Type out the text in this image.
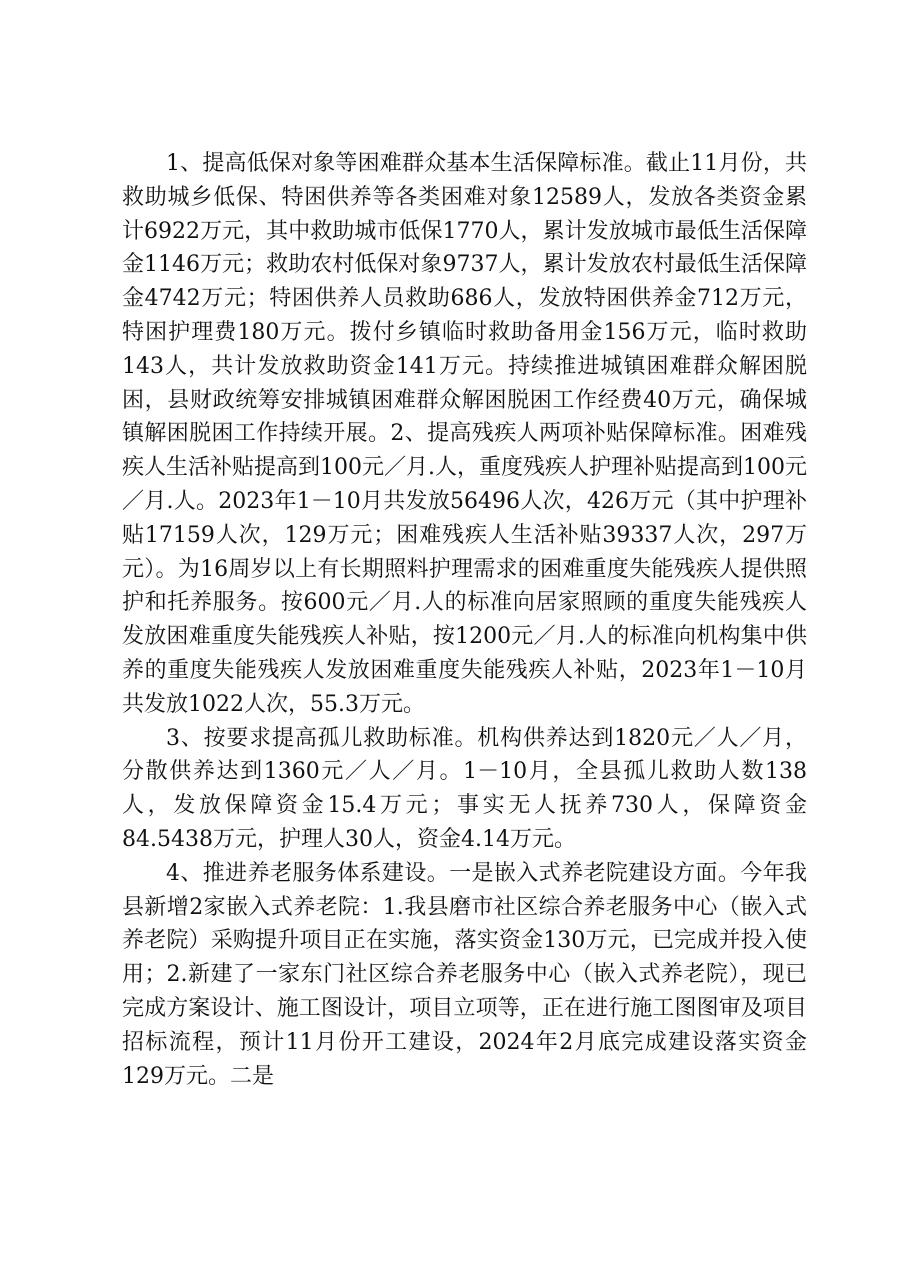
1、提高低保对象等困难群众基本生活保障标准。截止11月份，共救助城乡低保、特困供养等各类困难对象12589人，发放各类资金累计6922万元，其中救助城市低保1770人，累计发放城市最低生活保障金1146万元；救助农村低保对象9737人，累计发放农村最低生活保障金4742万元；特困供养人员救助686人，发放特困供养金712万元，特困护理费180万元。拨付乡镇临时救助备用金156万元，临时救助143人，共计发放救助资金141万元。持续推进城镇困难群众解困脱困，县财政统筹安排城镇困难群众解困脱困工作经费40万元，确保城镇解困脱困工作持续开展。2、提高残疾人两项补贴保障标准。困难残疾人生活补贴提高到100元／月.人，重度残疾人护理补贴提高到100元／月.人。2023年1－10月共发放56496人次，426万元（其中护理补贴17159人次，129万元；困难残疾人生活补贴39337人次，297万元）。为16周岁以上有长期照料护理需求的困难重度失能残疾人提供照护和托养服务。按600元／月.人的标准向居家照顾的重度失能残疾人发放困难重度失能残疾人补贴，按1200元／月.人的标准向机构集中供养的重度失能残疾人发放困难重度失能残疾人补贴，2023年1－10月共发放1022人次，55.3万元。

3、按要求提高孤儿救助标准。机构供养达到1820元／人／月，分散供养达到1360元／人／月。1－10月，全县孤儿救助人数138人，发放保障资金15.4万元；事实无人抚养730人，保障资金84.5438万元，护理人30人，资金4.14万元。

4、推进养老服务体系建设。一是嵌入式养老院建设方面。今年我县新增2家嵌入式养老院：1.我县磨市社区综合养老服务中心（嵌入式养老院）采购提升项目正在实施，落实资金130万元，已完成并投入使用；2.新建了一家东门社区综合养老服务中心（嵌入式养老院），现已完成方案设计、施工图设计，项目立项等，正在进行施工图图审及项目招标流程，预计11月份开工建设，2024年2月底完成建设落实资金129万元。二是
